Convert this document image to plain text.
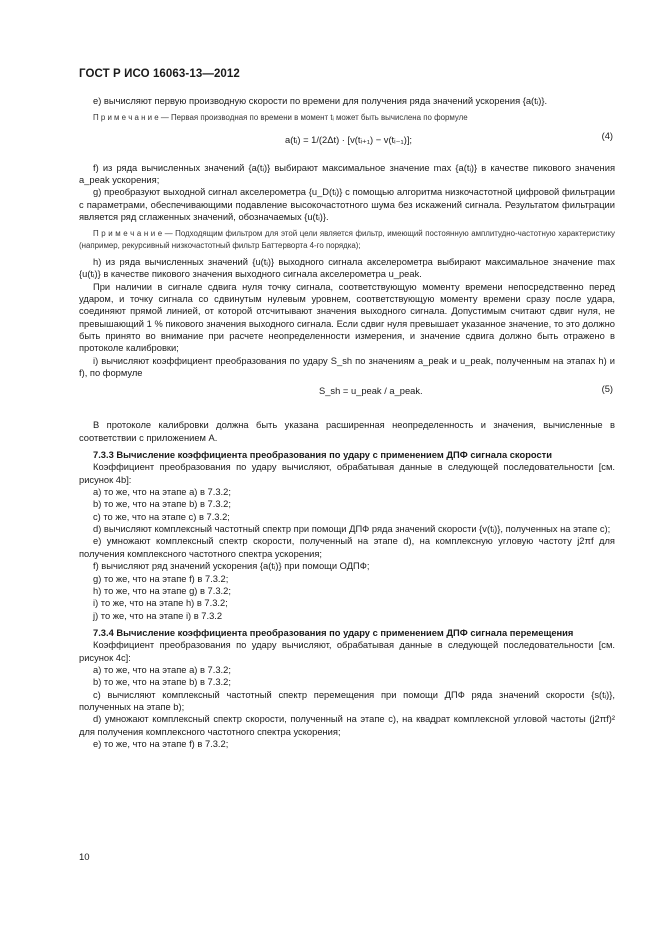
ГОСТ Р ИСО 16063-13—2012

e) вычисляют первую производную скорости по времени для получения ряда значений ускорения {a(tᵢ)}.

П р и м е ч а н и е — Первая производная по времени в момент tᵢ может быть вычислена по формуле

a(tᵢ) = 1/(2Δt) · [v(tᵢ₊₁) − v(tᵢ₋₁)];	(4)

f) из ряда вычисленных значений {a(tᵢ)} выбирают максимальное значение max {a(tᵢ)} в качестве пикового значения a_peak ускорения;

g) преобразуют выходной сигнал акселерометра {u_D(tᵢ)} с помощью алгоритма низкочастотной цифровой фильтрации с параметрами, обеспечивающими подавление высокочастотного шума без искажений сигнала. Результатом фильтрации является ряд сглаженных значений, обозначаемых {u(tᵢ)}.

П р и м е ч а н и е — Подходящим фильтром для этой цели является фильтр, имеющий постоянную амплитудно-частотную характеристику (например, рекурсивный низкочастотный фильтр Баттерворта 4-го порядка);

h) из ряда вычисленных значений {u(tᵢ)} выходного сигнала акселерометра выбирают максимальное значение max {u(tᵢ)} в качестве пикового значения выходного сигнала акселерометра u_peak.

При наличии в сигнале сдвига нуля точку сигнала, соответствующую моменту времени непосредственно перед ударом, и точку сигнала со сдвинутым нулевым уровнем, соответствующую моменту времени сразу после удара, соединяют прямой линией, от которой отсчитывают значения выходного сигнала. Допустимым считают сдвиг нуля, не превышающий 1 % пикового значения выходного сигнала. Если сдвиг нуля превышает указанное значение, то это должно быть принято во внимание при расчете неопределенности измерения, и значение сдвига должно быть отражено в протоколе калибровки;

i) вычисляют коэффициент преобразования по удару S_sh по значениям a_peak и u_peak, полученным на этапах h) и f), по формуле

S_sh = u_peak / a_peak.	(5)

В протоколе калибровки должна быть указана расширенная неопределенность и значения, вычисленные в соответствии с приложением А.

7.3.3 Вычисление коэффициента преобразования по удару с применением ДПФ сигнала скорости

Коэффициент преобразования по удару вычисляют, обрабатывая данные в следующей последовательности [см. рисунок 4b]:

a) то же, что на этапе a) в 7.3.2;

b) то же, что на этапе b) в 7.3.2;

c) то же, что на этапе c) в 7.3.2;

d) вычисляют комплексный частотный спектр при помощи ДПФ ряда значений скорости {v(tᵢ)}, полученных на этапе c);

e) умножают комплексный спектр скорости, полученный на этапе d), на комплексную угловую частоту j2πf для получения комплексного частотного спектра ускорения;

f) вычисляют ряд значений ускорения {a(tᵢ)} при помощи ОДПФ;

g) то же, что на этапе f) в 7.3.2;

h) то же, что на этапе g) в 7.3.2;

i) то же, что на этапе h) в 7.3.2;

j) то же, что на этапе i) в 7.3.2

7.3.4 Вычисление коэффициента преобразования по удару с применением ДПФ сигнала перемещения

Коэффициент преобразования по удару вычисляют, обрабатывая данные в следующей последовательности [см. рисунок 4c]:

a) то же, что на этапе a) в 7.3.2;

b) то же, что на этапе b) в 7.3.2;

c) вычисляют комплексный частотный спектр перемещения при помощи ДПФ ряда значений скорости {s(tᵢ)}, полученных на этапе b);

d) умножают комплексный спектр скорости, полученный на этапе c), на квадрат комплексной угловой частоты (j2πf)² для получения комплексного частотного спектра ускорения;

e) то же, что на этапе f) в 7.3.2;

10
